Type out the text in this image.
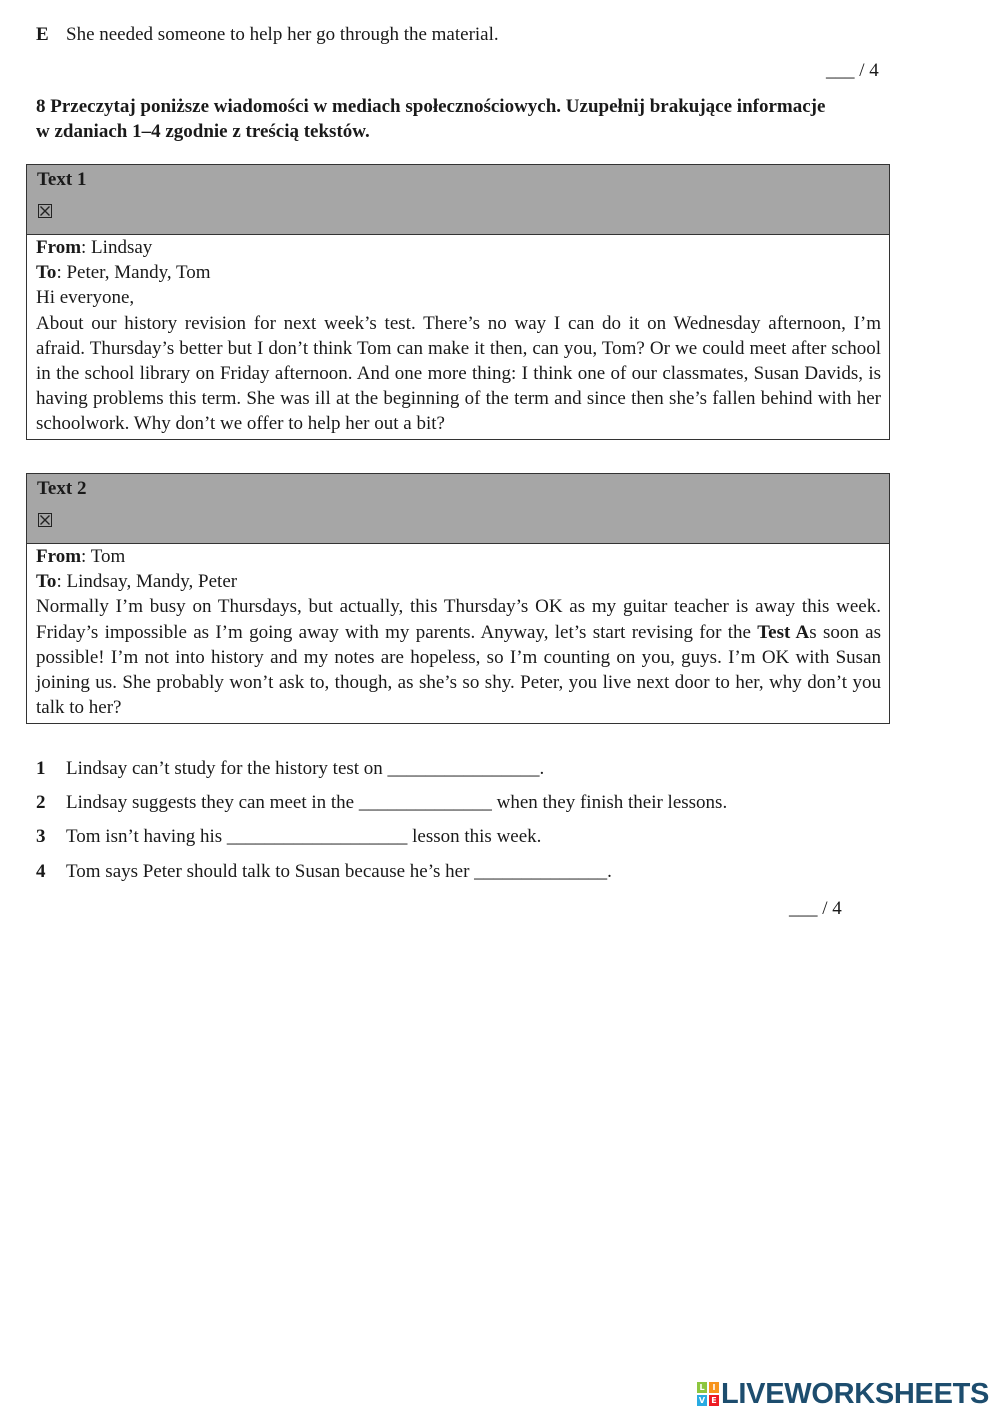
E She needed someone to help her go through the material.
___ / 4
8 Przeczytaj poniższe wiadomości w mediach społecznościowych. Uzupełnij brakujące informacje
w zdaniach 1–4 zgodnie z treścią tekstów.
Text 1

From: Lindsay

To: Peter, Mandy, Tom

Hi everyone,

About our history revision for next week’s test. There’s no way I can do it on Wednesday afternoon, I’m afraid. Thursday’s better but I don’t think Tom can make it then, can you, Tom? Or we could meet after school in the school library on Friday afternoon. And one more thing: I think one of our classmates, Susan Davids, is having problems this term. She was ill at the beginning of the term and since then she’s fallen behind with her schoolwork. Why don’t we offer to help her out a bit?

Text 2

From: Tom

To: Lindsay, Mandy, Peter

Normally I’m busy on Thursdays, but actually, this Thursday’s OK as my guitar teacher is away this week. Friday’s impossible as I’m going away with my parents. Anyway, let’s start revising for the Test As soon as possible! I’m not into history and my notes are hopeless, so I’m counting on you, guys. I’m OK with Susan joining us. She probably won’t ask to, though, as she’s so shy. Peter, you live next door to her, why don’t you talk to her?

1 Lindsay can’t study for the history test on ________________.
2 Lindsay suggests they can meet in the ______________ when they finish their lessons.
3 Tom isn’t having his ___________________ lesson this week.
4 Tom says Peter should talk to Susan because he’s her ______________.
___ / 4
L I
V E LIVEWORKSHEETS
